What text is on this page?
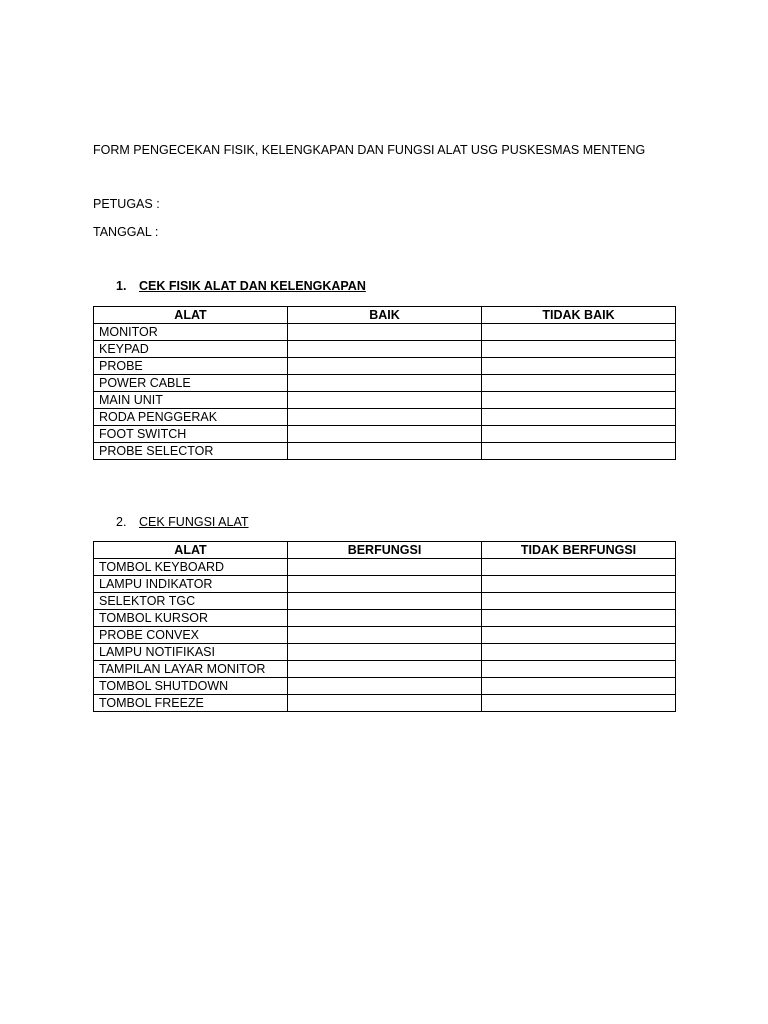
FORM PENGECEKAN FISIK, KELENGKAPAN DAN FUNGSI ALAT USG PUSKESMAS MENTENG
PETUGAS :
TANGGAL :
1. CEK FISIK ALAT DAN KELENGKAPAN
ALAT	BAIK	TIDAK BAIK
MONITOR		
KEYPAD		
PROBE		
POWER CABLE		
MAIN UNIT		
RODA PENGGERAK		
FOOT SWITCH		
PROBE SELECTOR		
2. CEK FUNGSI ALAT
ALAT	BERFUNGSI	TIDAK BERFUNGSI
TOMBOL KEYBOARD		
LAMPU INDIKATOR		
SELEKTOR TGC		
TOMBOL KURSOR		
PROBE CONVEX		
LAMPU NOTIFIKASI		
TAMPILAN LAYAR MONITOR		
TOMBOL SHUTDOWN		
TOMBOL FREEZE		
